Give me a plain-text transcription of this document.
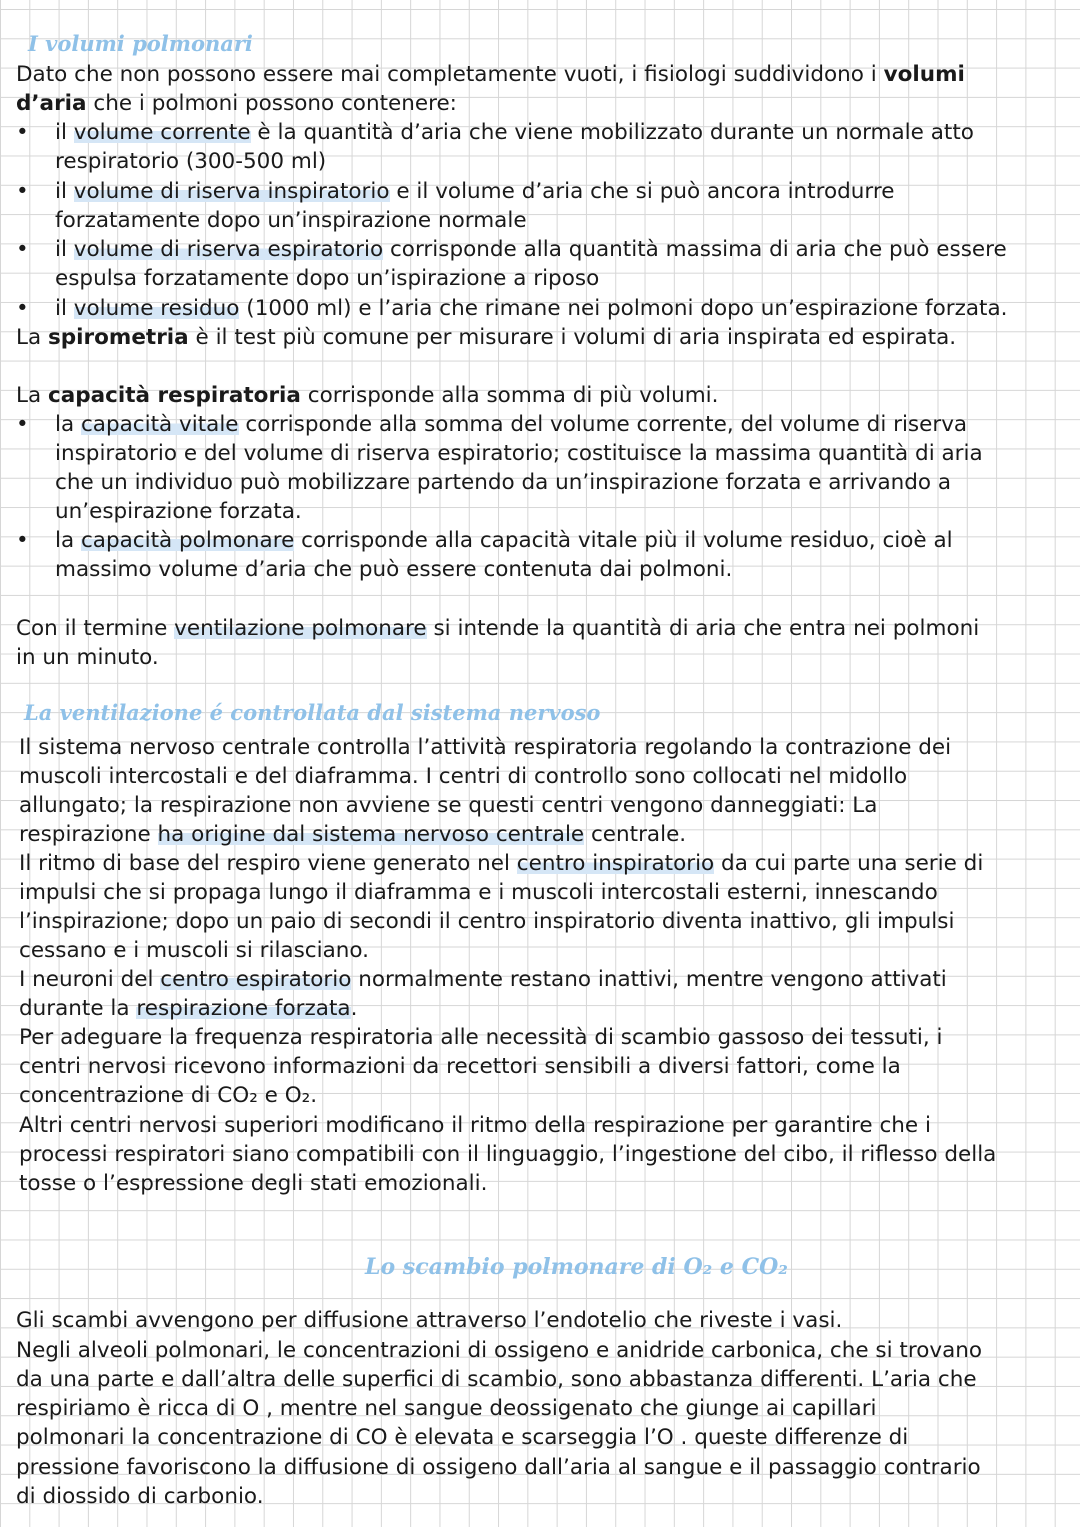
I volumi polmonari
Dato che non possono essere mai completamente vuoti, i fisiologi suddividono i volumi
d’aria che i polmoni possono contenere:
•	il volume corrente è la quantità d’aria che viene mobilizzato durante un normale atto
respiratorio (300-500 ml)
•	il volume di riserva inspiratorio e il volume d’aria che si può ancora introdurre
forzatamente dopo un’inspirazione normale
•	il volume di riserva espiratorio corrisponde alla quantità massima di aria che può essere
espulsa forzatamente dopo un’ispirazione a riposo
•	il volume residuo (1000 ml) e l’aria che rimane nei polmoni dopo un’espirazione forzata.
La spirometria è il test più comune per misurare i volumi di aria inspirata ed espirata.
La capacità respiratoria corrisponde alla somma di più volumi.
•	la capacità vitale corrisponde alla somma del volume corrente, del volume di riserva
inspiratorio e del volume di riserva espiratorio; costituisce la massima quantità di aria
che un individuo può mobilizzare partendo da un’inspirazione forzata e arrivando a
un’espirazione forzata.
•	la capacità polmonare corrisponde alla capacità vitale più il volume residuo, cioè al
massimo volume d’aria che può essere contenuta dai polmoni.
Con il termine ventilazione polmonare si intende la quantità di aria che entra nei polmoni
in un minuto.
La ventilazione é controllata dal sistema nervoso
Il sistema nervoso centrale controlla l’attività respiratoria regolando la contrazione dei
muscoli intercostali e del diaframma. I centri di controllo sono collocati nel midollo
allungato; la respirazione non avviene se questi centri vengono danneggiati: La
respirazione ha origine dal sistema nervoso centrale centrale.
Il ritmo di base del respiro viene generato nel centro inspiratorio da cui parte una serie di
impulsi che si propaga lungo il diaframma e i muscoli intercostali esterni, innescando
l’inspirazione; dopo un paio di secondi il centro inspiratorio diventa inattivo, gli impulsi
cessano e i muscoli si rilasciano.
I neuroni del centro espiratorio normalmente restano inattivi, mentre vengono attivati
durante la respirazione forzata.
Per adeguare la frequenza respiratoria alle necessità di scambio gassoso dei tessuti, i
centri nervosi ricevono informazioni da recettori sensibili a diversi fattori, come la
concentrazione di CO₂ e O₂.
Altri centri nervosi superiori modificano il ritmo della respirazione per garantire che i
processi respiratori siano compatibili con il linguaggio, l’ingestione del cibo, il riflesso della
tosse o l’espressione degli stati emozionali.
Lo scambio polmonare di O₂ e CO₂
Gli scambi avvengono per diffusione attraverso l’endotelio che riveste i vasi.
Negli alveoli polmonari, le concentrazioni di ossigeno e anidride carbonica, che si trovano
da una parte e dall’altra delle superfici di scambio, sono abbastanza differenti. L’aria che
respiriamo è ricca di O , mentre nel sangue deossigenato che giunge ai capillari
polmonari la concentrazione di CO è elevata e scarseggia l’O . queste differenze di
pressione favoriscono la diffusione di ossigeno dall’aria al sangue e il passaggio contrario
di diossido di carbonio.
